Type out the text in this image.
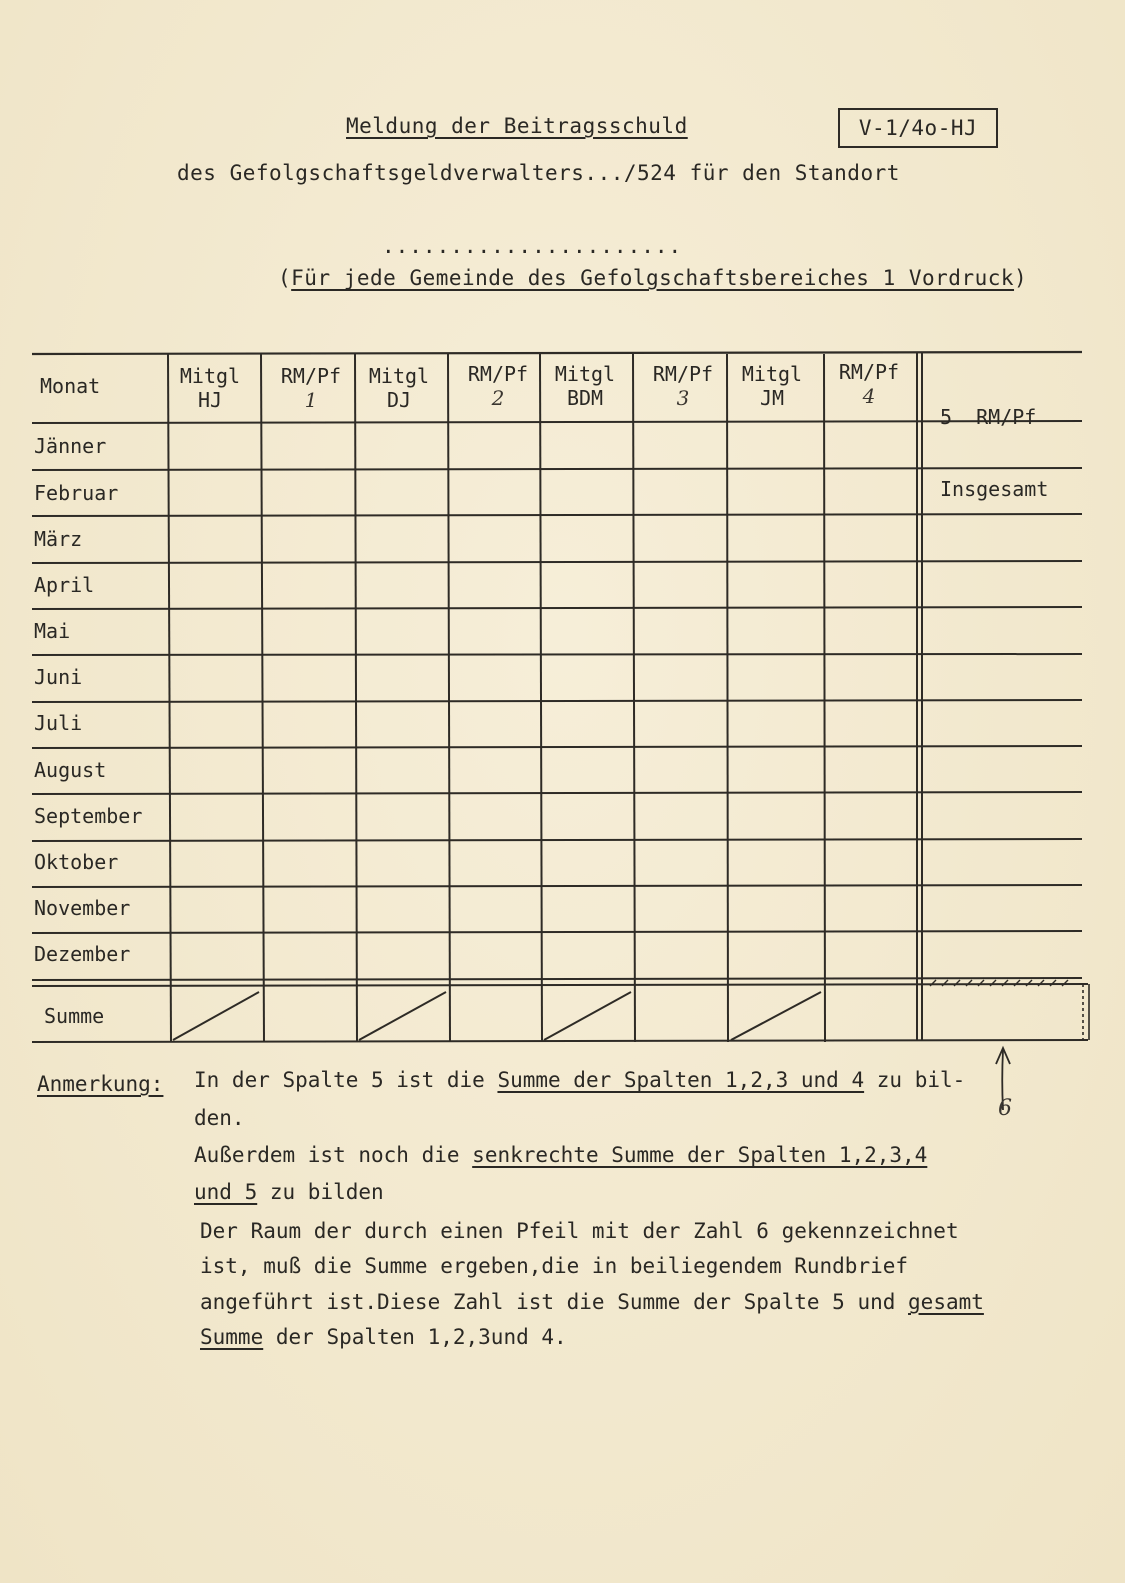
Meldung der Beitragsschuld	V-1/4o-HJ
des Gefolgschaftsgeldverwalters.../524 für den Standort
......................
(Für jede Gemeinde des Gefolgschaftsbereiches 1 Vordruck)
Monat	Mitgl
HJ
RM/Pf
1
Mitgl
DJ
RM/Pf
2
Mitgl
BDM
RM/Pf
3
Mitgl
JM
RM/Pf
4

5  RM/Pf

Insgesamt

Jänner
Februar
März
April
Mai
Juni
Juli
August
September
Oktober
November
Dezember
Summe
Anmerkung: In der Spalte 5 ist die Summe der Spalten 1,2,3 und 4 zu bil-
den.
Außerdem ist noch die senkrechte Summe der Spalten 1,2,3,4
und 5 zu bilden
Der Raum der durch einen Pfeil mit der Zahl 6 gekennzeichnet
ist, muß die Summe ergeben,die in beiliegendem Rundbrief
angeführt ist.Diese Zahl ist die Summe der Spalte 5 und gesamt
Summe der Spalten 1,2,3und 4.
6
